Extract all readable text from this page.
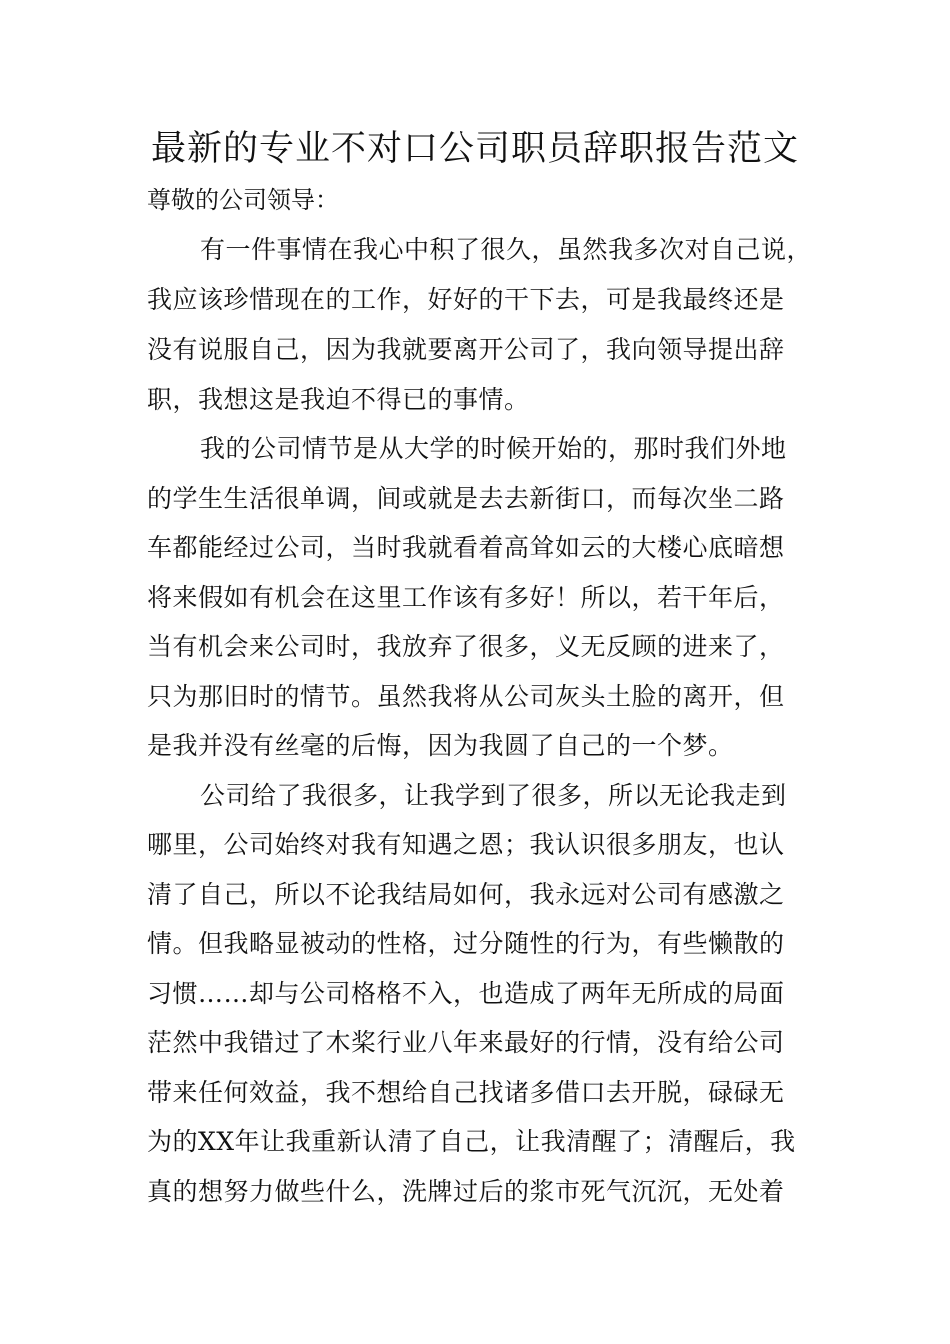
最新的专业不对口公司职员辞职报告范文
尊敬的公司领导：
有一件事情在我心中积了很久，虽然我多次对自己说，
我应该珍惜现在的工作，好好的干下去，可是我最终还是
没有说服自己，因为我就要离开公司了，我向领导提出辞
职，我想这是我迫不得已的事情。
我的公司情节是从大学的时候开始的，那时我们外地
的学生生活很单调，间或就是去去新街口，而每次坐二路
车都能经过公司，当时我就看着高耸如云的大楼心底暗想
将来假如有机会在这里工作该有多好！所以，若干年后，
当有机会来公司时，我放弃了很多，义无反顾的进来了，
只为那旧时的情节。虽然我将从公司灰头土脸的离开，但
是我并没有丝毫的后悔，因为我圆了自己的一个梦。
公司给了我很多，让我学到了很多，所以无论我走到
哪里，公司始终对我有知遇之恩；我认识很多朋友，也认
清了自己，所以不论我结局如何，我永远对公司有感激之
情。但我略显被动的性格，过分随性的行为，有些懒散的
习惯……却与公司格格不入，也造成了两年无所成的局面
茫然中我错过了木桨行业八年来最好的行情，没有给公司
带来任何效益，我不想给自己找诸多借口去开脱，碌碌无
为的XX年让我重新认清了自己，让我清醒了；清醒后，我
真的想努力做些什么，洗牌过后的浆市死气沉沉，无处着
